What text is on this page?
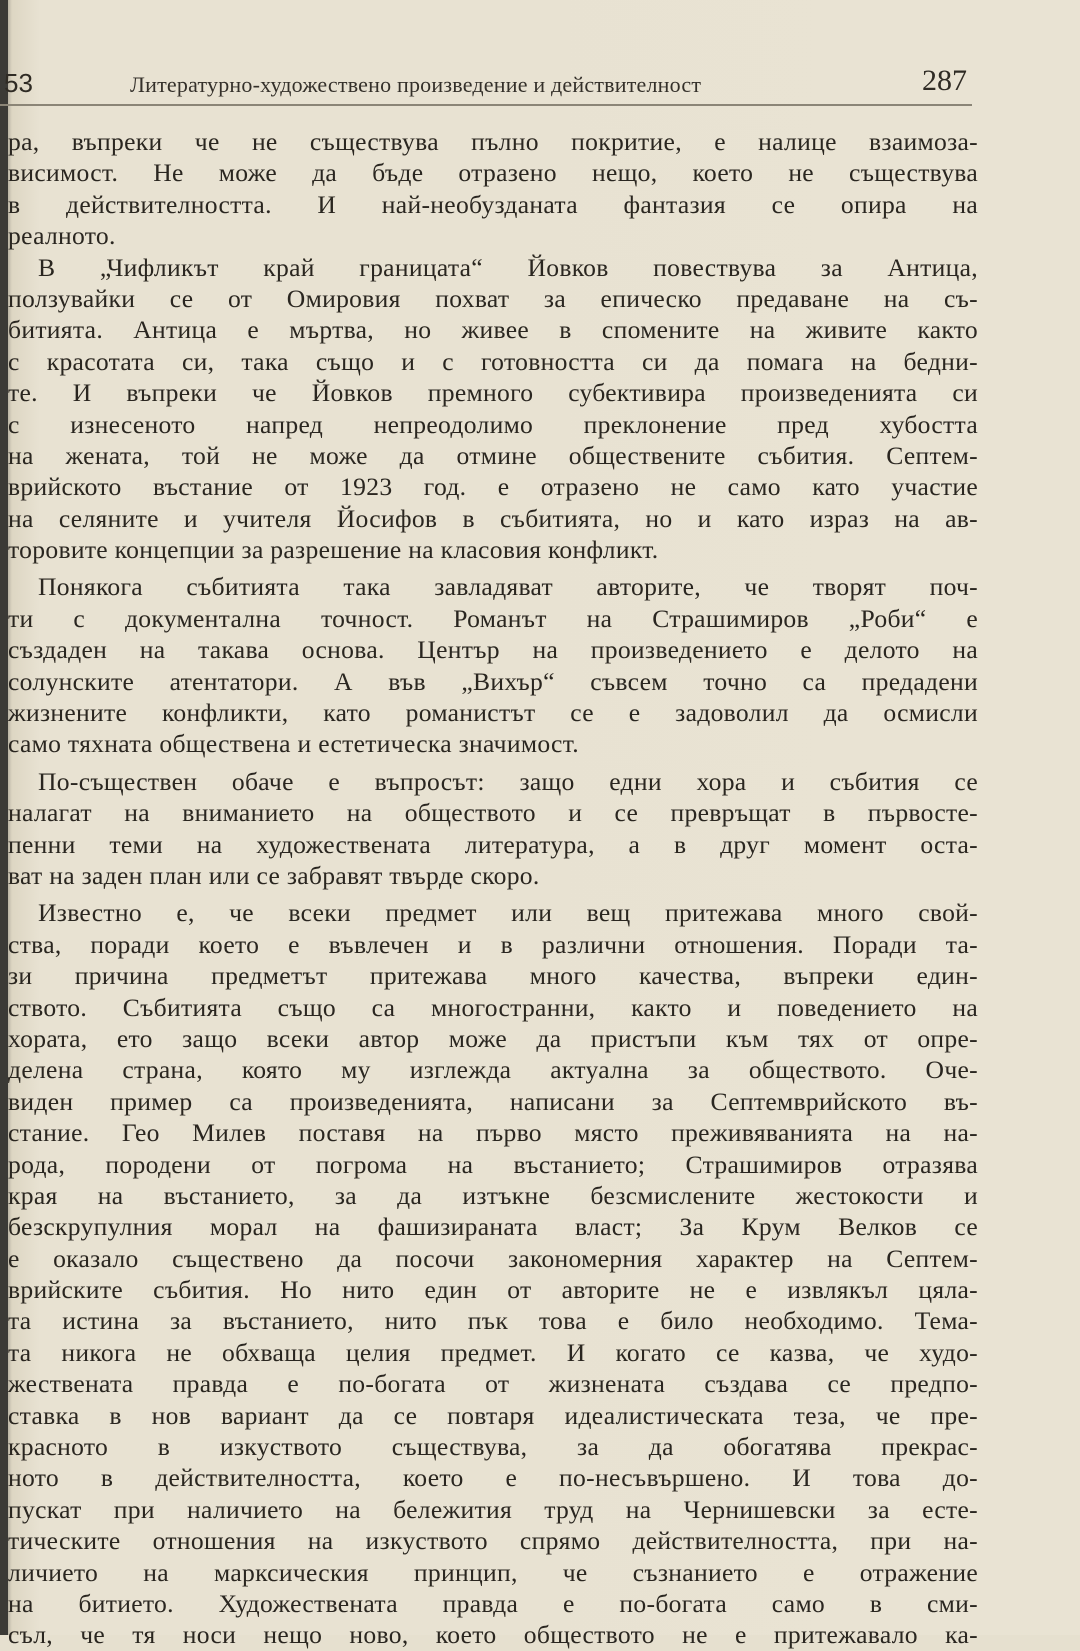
53	Литературно-художествено произведение и действителност	287
ра, въпреки че не съществува пълно покритие, е налице взаимоза-
висимост. Не може да бъде отразено нещо, което не съществува
в действителността. И най-необузданата фантазия се опира на
реалното.
В „Чифликът край границата“ Йовков повествува за Антица,
ползувайки се от Омировия похват за епическо предаване на съ-
битията. Антица е мъртва, но живее в спомените на живите както
с красотата си, така също и с готовността си да помага на бедни-
те. И въпреки че Йовков премного субективира произведенията си
с изнесеното напред непреодолимо преклонение пред хубостта
на жената, той не може да отмине обществените събития. Септем-
врийското въстание от 1923 год. е отразено не само като участие
на селяните и учителя Йосифов в събитията, но и като израз на ав-
торовите концепции за разрешение на класовия конфликт.
Понякога събитията така завладяват авторите, че творят поч-
ти с документална точност. Романът на Страшимиров „Роби“ е
създаден на такава основа. Център на произведението е делото на
солунските атентатори. А във „Вихър“ съвсем точно са предадени
жизнените конфликти, като романистът се е задоволил да осмисли
само тяхната обществена и естетическа значимост.
По-съществен обаче е въпросът: защо едни хора и събития се
налагат на вниманието на обществото и се превръщат в първосте-
пенни теми на художествената литература, а в друг момент оста-
ват на заден план или се забравят твърде скоро.
Известно е, че всеки предмет или вещ притежава много свой-
ства, поради което е въвлечен и в различни отношения. Поради та-
зи причина предметът притежава много качества, въпреки един-
ството. Събитията също са многостранни, както и поведението на
хората, ето защо всеки автор може да пристъпи към тях от опре-
делена страна, която му изглежда актуална за обществото. Оче-
виден пример са произведенията, написани за Септемврийското въ-
стание. Гео Милев поставя на първо място преживяванията на на-
рода, породени от погрома на въстанието; Страшимиров отразява
края на въстанието, за да изтъкне безсмислените жестокости и
безскрупулния морал на фашизираната власт; За Крум Велков се
е оказало съществено да посочи закономерния характер на Септем-
врийските събития. Но нито един от авторите не е извлякъл цяла-
та истина за въстанието, нито пък това е било необходимо. Тема-
та никога не обхваща целия предмет. И когато се казва, че худо-
жествената правда е по-богата от жизнената създава се предпо-
ставка в нов вариант да се повтаря идеалистическата теза, че пре-
красното в изкуството съществува, за да обогатява прекрас-
ното в действителността, което е по-несъвършено. И това до-
пускат при наличието на бележития труд на Чернишевски за есте-
тическите отношения на изкуството спрямо действителността, при на-
личието на марксическия принцип, че съзнанието е отражение
на битието. Художествената правда е по-богата само в сми-
съл, че тя носи нещо ново, което обществото не е притежавало ка-
